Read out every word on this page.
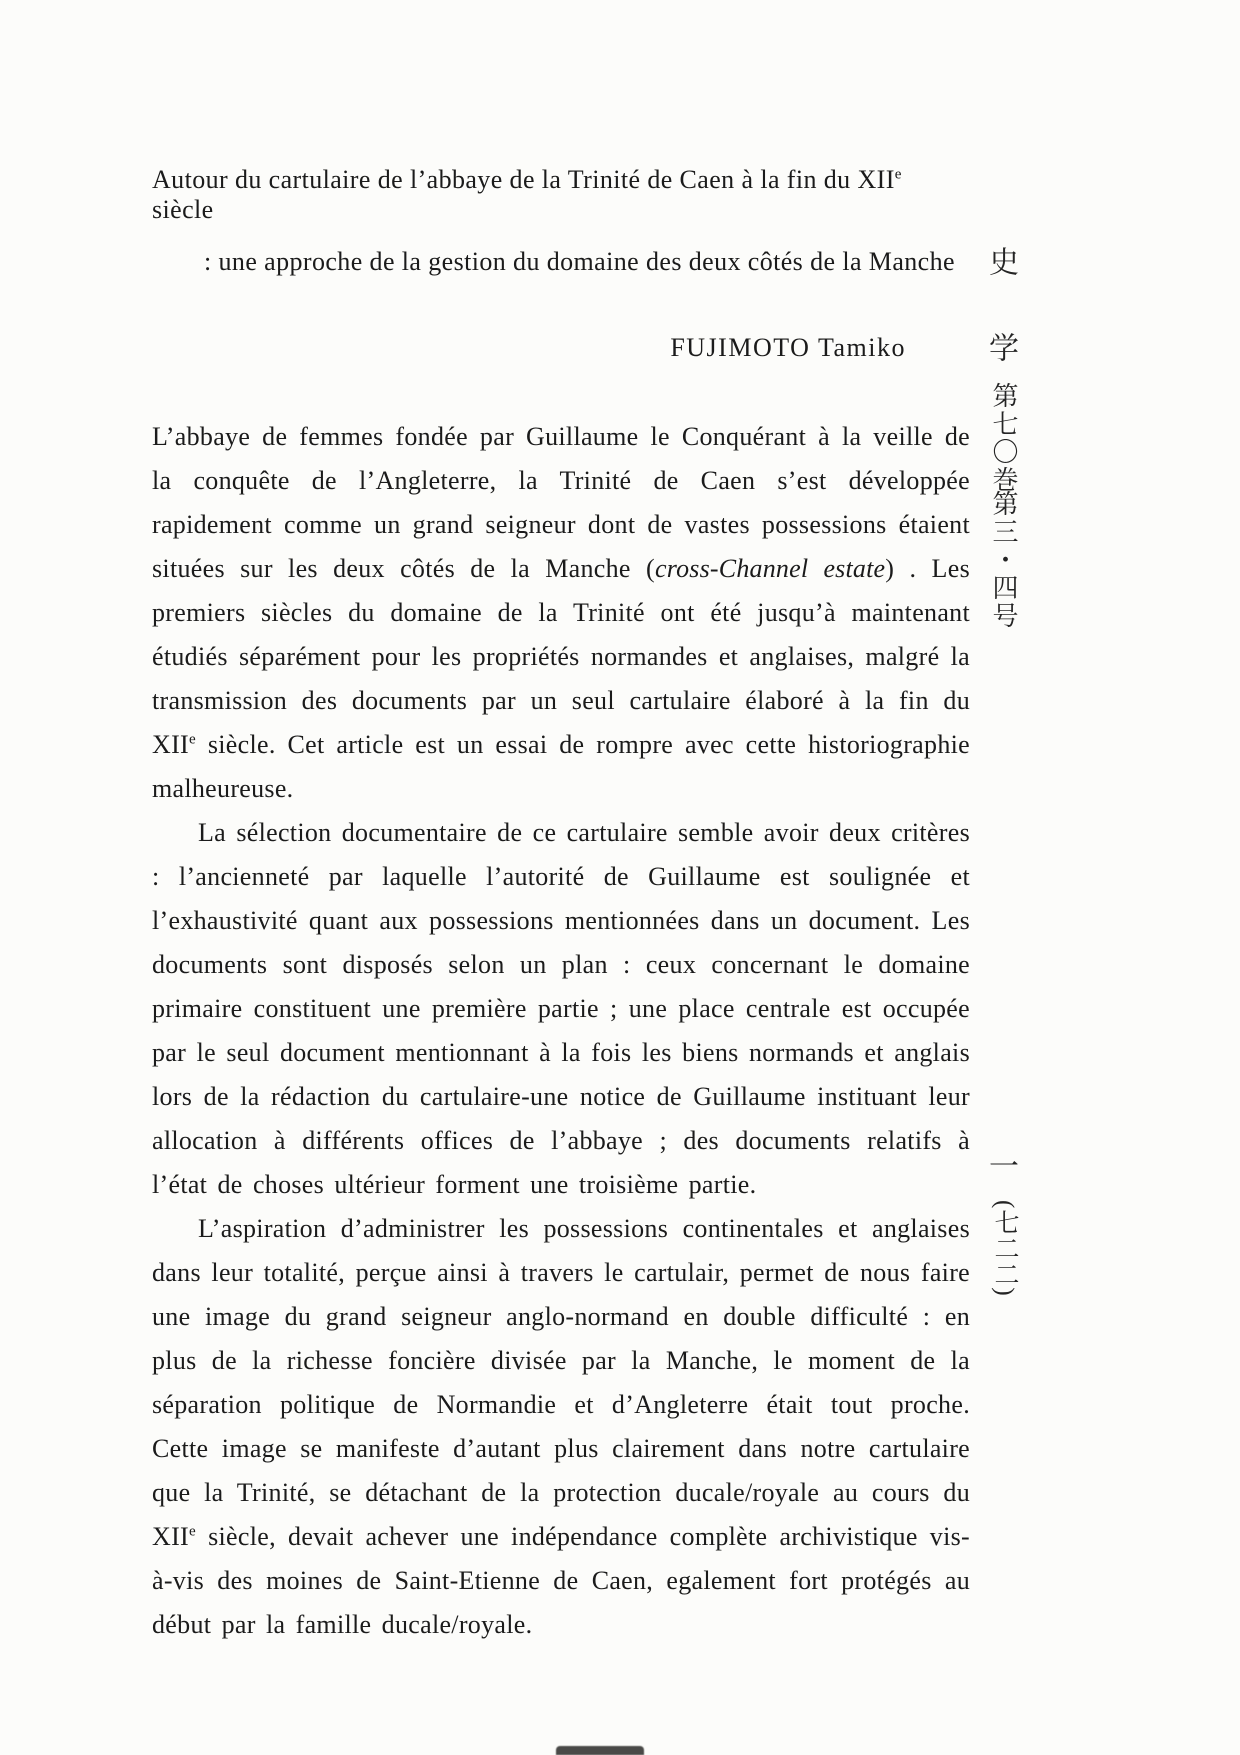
Autour du cartulaire de l’abbaye de la Trinité de Caen à la fin du XIIe siècle
: une approche de la gestion du domaine des deux côtés de la Manche
FUJIMOTO Tamiko

L’abbaye de femmes fondée par Guillaume le Conquérant à la veille de la conquête de l’Angleterre, la Trinité de Caen s’est développée rapidement comme un grand seigneur dont de vastes possessions étaient situées sur les deux côtés de la Manche (cross-Channel estate) . Les premiers siècles du domaine de la Trinité ont été jusqu’à maintenant étudiés séparément pour les propriétés normandes et anglaises, malgré la transmission des documents par un seul cartulaire élaboré à la fin du XIIe siècle. Cet article est un essai de rompre avec cette historiographie malheureuse.

La sélection documentaire de ce cartulaire semble avoir deux critères : l’ancienneté par laquelle l’autorité de Guillaume est soulignée et l’exhaustivité quant aux possessions mentionnées dans un document. Les documents sont disposés selon un plan : ceux concernant le domaine primaire constituent une première partie ; une place centrale est occupée par le seul document mentionnant à la fois les biens normands et anglais lors de la rédaction du cartulaire-une notice de Guillaume instituant leur allocation à différents offices de l’abbaye ; des documents relatifs à l’état de choses ultérieur forment une troisième partie.

L’aspiration d’administrer les possessions continentales et anglaises dans leur totalité, perçue ainsi à travers le cartulair, permet de nous faire une image du grand seigneur anglo-normand en double difficulté : en plus de la richesse foncière divisée par la Manche, le moment de la séparation politique de Normandie et d’Angleterre était tout proche. Cette image se manifeste d’autant plus clairement dans notre cartulaire que la Trinité, se détachant de la protection ducale/royale au cours du XIIe siècle, devait achever une indépendance complète archivistique vis-à-vis des moines de Saint-Etienne de Caen, egalement fort protégés au début par la famille ducale/royale.

史
学
第七〇巻
第三・四号
一
(七二二)
